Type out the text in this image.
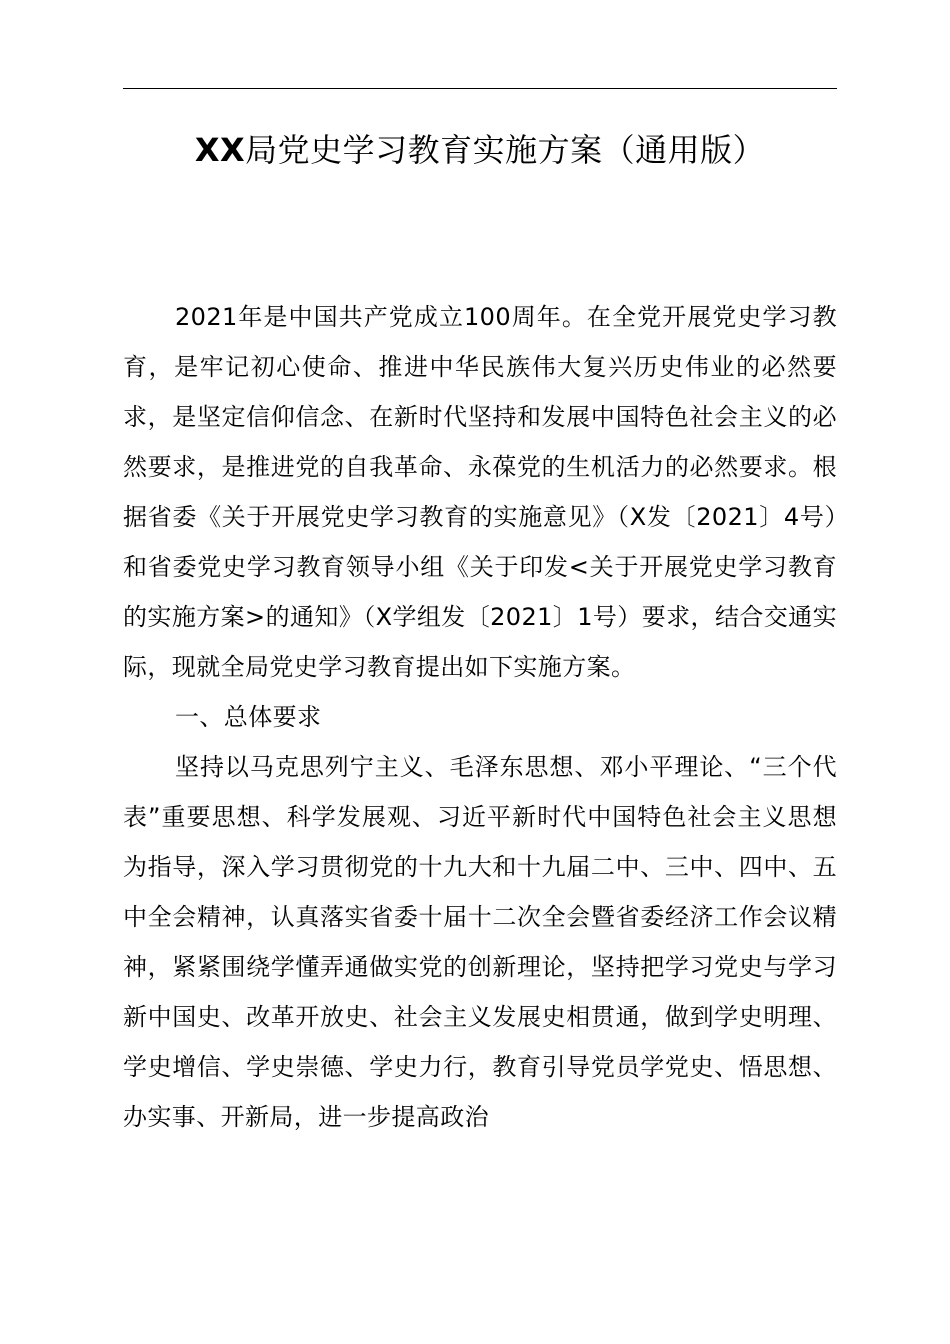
XX局党史学习教育实施方案（通用版）

2021年是中国共产党成立100周年。在全党开展党史学习教育，是牢记初心使命、推进中华民族伟大复兴历史伟业的必然要求，是坚定信仰信念、在新时代坚持和发展中国特色社会主义的必然要求，是推进党的自我革命、永葆党的生机活力的必然要求。根据省委《关于开展党史学习教育的实施意见》（X发〔2021〕4号）和省委党史学习教育领导小组《关于印发<关于开展党史学习教育的实施方案>的通知》（X学组发〔2021〕1号）要求，结合交通实际，现就全局党史学习教育提出如下实施方案。

一、总体要求

坚持以马克思列宁主义、毛泽东思想、邓小平理论、“三个代表”重要思想、科学发展观、习近平新时代中国特色社会主义思想为指导，深入学习贯彻党的十九大和十九届二中、三中、四中、五中全会精神，认真落实省委十届十二次全会暨省委经济工作会议精神，紧紧围绕学懂弄通做实党的创新理论，坚持把学习党史与学习新中国史、改革开放史、社会主义发展史相贯通，做到学史明理、学史增信、学史崇德、学史力行，教育引导党员学党史、悟思想、办实事、开新局，进一步提高政治
